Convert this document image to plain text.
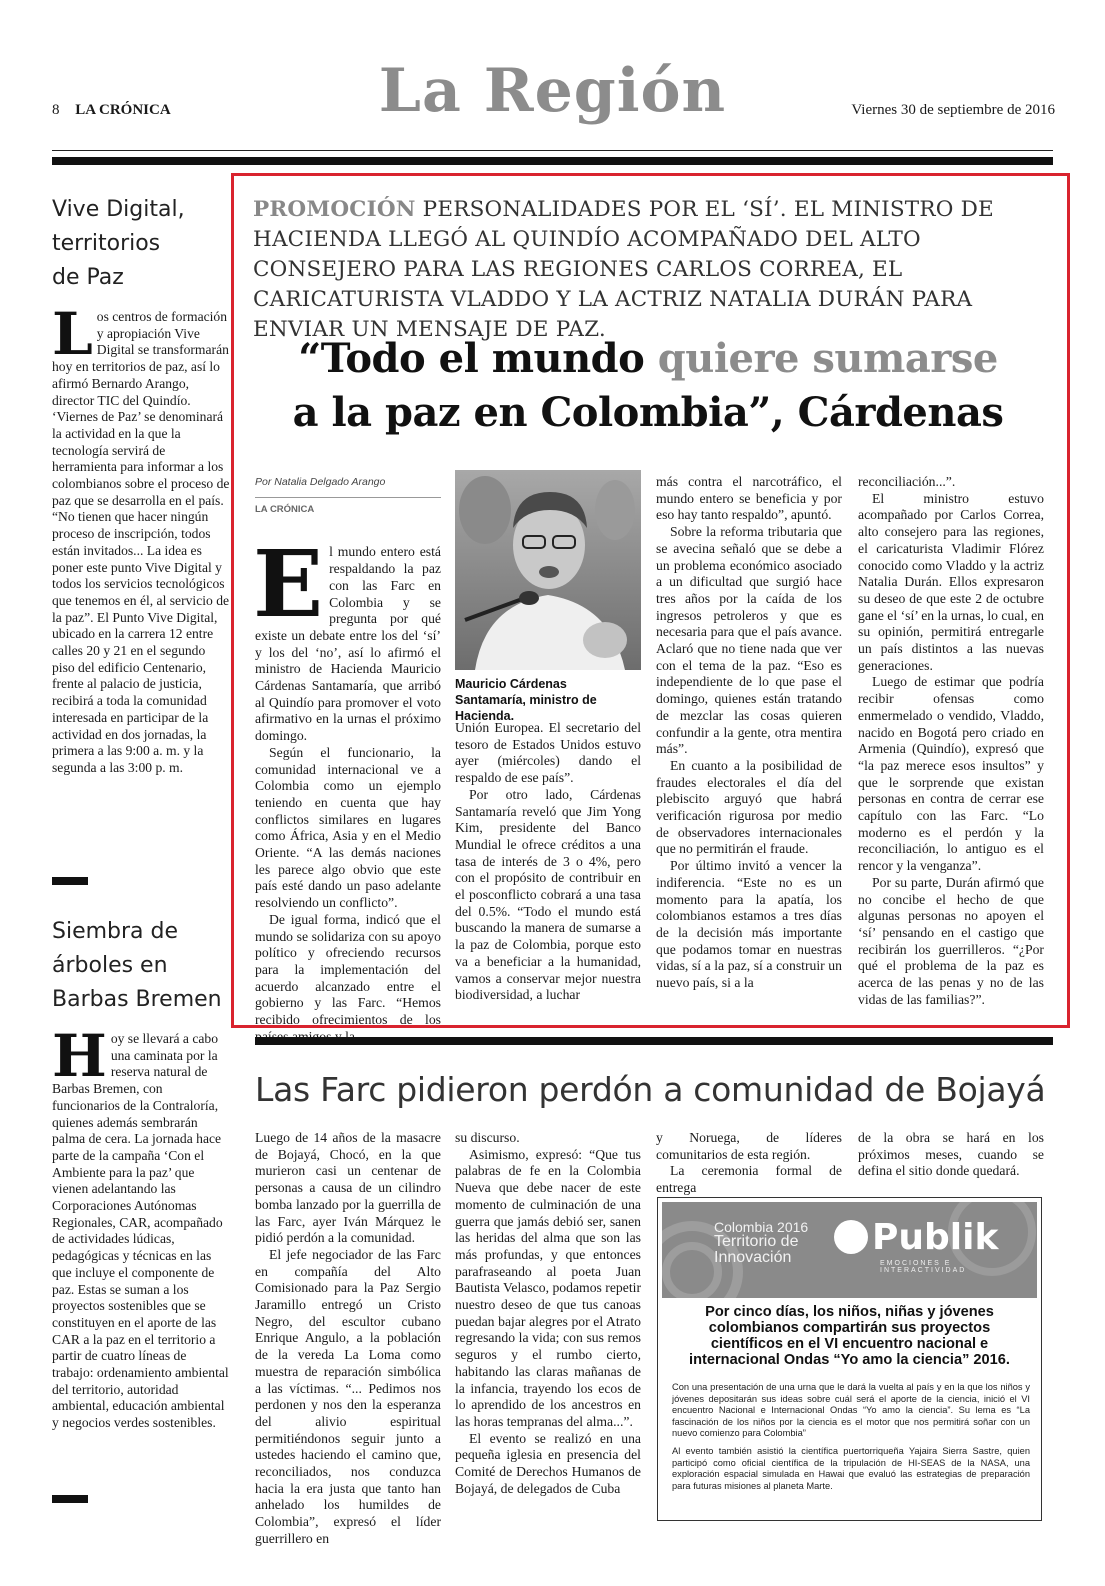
8 LA CRÓNICA	La Región	Viernes 30 de septiembre de 2016
Vive Digital,
territorios
de Paz

Los centros de formación y apropiación Vive Digital se transformarán hoy en territorios de paz, así lo afirmó Bernardo Arango, director TIC del Quindío. ‘Viernes de Paz’ se denominará la actividad en la que la tecnología servirá de herramienta para informar a los colombianos sobre el proceso de paz que se desarrolla en el país. “No tienen que hacer ningún proceso de inscripción, todos están invitados... La idea es poner este punto Vive Digital y todos los servicios tecnológicos que tenemos en él, al servicio de la paz”. El Punto Vive Digital, ubicado en la carrera 12 entre calles 20 y 21 en el segundo piso del edificio Centenario, frente al palacio de justicia, recibirá a toda la comunidad interesada en participar de la actividad en dos jornadas, la primera a las 9:00 a. m. y la segunda a las 3:00 p. m.

Siembra de
árboles en
Barbas Bremen

Hoy se llevará a cabo una caminata por la reserva natural de Barbas Bremen, con funcionarios de la Contraloría, quienes además sembrarán palma de cera. La jornada hace parte de la campaña ‘Con el Ambiente para la paz’ que vienen adelantando las Corporaciones Autónomas Regionales, CAR, acompañado de actividades lúdicas, pedagógicas y técnicas en las que incluye el componente de paz. Estas se suman a los proyectos sostenibles que se constituyen en el aporte de las CAR a la paz en el territorio a partir de cuatro líneas de trabajo: ordenamiento ambiental del territorio, autoridad ambiental, educación ambiental y negocios verdes sostenibles.

PROMOCIÓN PERSONALIDADES POR EL ‘SÍ’. EL MINISTRO DE HACIENDA LLEGÓ AL QUINDÍO ACOMPAÑADO DEL ALTO CONSEJERO PARA LAS REGIONES CARLOS CORREA, EL CARICATURISTA VLADDO Y LA ACTRIZ NATALIA DURÁN PARA ENVIAR UN MENSAJE DE PAZ.
“Todo el mundo quiere sumarse
a la paz en Colombia”, Cárdenas
Por Natalia Delgado Arango
LA CRÓNICA

El mundo entero está respaldando la paz con las Farc en Colombia y se pregunta por qué existe un debate entre los del ‘sí’ y los del ‘no’, así lo afirmó el ministro de Hacienda Mauricio Cárdenas Santamaría, que arribó al Quindío para promover el voto afirmativo en la urnas el próximo domingo.

Según el funcionario, la comunidad internacional ve a Colombia como un ejemplo teniendo en cuenta que hay conflictos similares en lugares como África, Asia y en el Medio Oriente. “A las demás naciones les parece algo obvio que este país esté dando un paso adelante resolviendo un conflicto”.

De igual forma, indicó que el mundo se solidariza con su apoyo político y ofreciendo recursos para la implementación del acuerdo alcanzado entre el gobierno y las Farc. “Hemos recibido ofrecimientos de los

Mauricio Cárdenas Santamaría, ministro de Hacienda.

Unión Europea. El secretario del tesoro de Estados Unidos estuvo ayer (miércoles) dando el respaldo de ese país”.

Por otro lado, Cárdenas Santamaría reveló que Jim Yong Kim, presidente del Banco Mundial le ofrece créditos a una tasa de interés de 3 o 4%, pero con el propósito de contribuir en el posconflicto cobrará a una tasa del 0.5%. “Todo el mundo está buscando la manera de sumarse a la paz de Colombia, porque esto va a beneficiar a la humanidad, vamos a conservar mejor nuestra biodiversidad, a luchar

más contra el narcotráfico, el mundo entero se beneficia y por eso hay tanto respaldo”, apuntó.

Sobre la reforma tributaria que se avecina señaló que se debe a un problema económico asociado a un dificultad que surgió hace tres años por la caída de los ingresos petroleros y que es necesaria para que el país avance. Aclaró que no tiene nada que ver con el tema de la paz. “Eso es independiente de lo que pase el domingo, quienes están tratando de mezclar las cosas quieren confundir a la gente, otra mentira más”.

En cuanto a la posibilidad de fraudes electorales el día del plebiscito arguyó que habrá verificación rigurosa por medio de observadores internacionales que no permitirán el fraude.

Por último invitó a vencer la indiferencia. “Este no es un momento para la apatía, los colombianos estamos a tres días de la decisión más importante que podamos tomar en nuestras vidas, sí a la paz, sí a construir un nuevo país, si a la

reconciliación...”.

El ministro estuvo acompañado por Carlos Correa, alto consejero para las regiones, el caricaturista Vladimir Flórez conocido como Vladdo y la actriz Natalia Durán. Ellos expresaron su deseo de que este 2 de octubre gane el ‘sí’ en la urnas, lo cual, en su opinión, permitirá entregarle un país distintos a las nuevas generaciones.

Luego de estimar que podría recibir ofensas como enmermelado o vendido, Vladdo, nacido en Bogotá pero criado en Armenia (Quindío), expresó que “la paz merece esos insultos” y que le sorprende que existan personas en contra de cerrar ese capítulo con las Farc. “Lo moderno es el perdón y la reconciliación, lo antiguo es el rencor y la venganza”.

Por su parte, Durán afirmó que no concibe el hecho de que algunas personas no apoyen el ‘sí’ pensando en el castigo que recibirán los guerrilleros. “¿Por qué el problema de la paz es acerca de las penas y no de las vidas de las familias?”.

Las Farc pidieron perdón a comunidad de Bojayá

Luego de 14 años de la masacre de Bojayá, Chocó, en la que murieron casi un centenar de personas a causa de un cilindro bomba lanzado por la guerrilla de las Farc, ayer Iván Márquez le pidió perdón a la comunidad.

El jefe negociador de las Farc en compañía del Alto Comisionado para la Paz Sergio Jaramillo entregó un Cristo Negro, del escultor cubano Enrique Angulo, a la población de la vereda La Loma como muestra de reparación simbólica a las víctimas. “... Pedimos nos perdonen y nos den la esperanza del alivio espiritual permitiéndonos seguir junto a ustedes haciendo el camino que, reconciliados, nos conduzca hacia la era justa que tanto han anhelado los humildes de Colombia”, expresó el líder guerrillero en

su discurso.

Asimismo, expresó: “Que tus palabras de fe en la Colombia Nueva que debe nacer de este momento de culminación de una guerra que jamás debió ser, sanen las heridas del alma que son las más profundas, y que entonces parafraseando al poeta Juan Bautista Velasco, podamos repetir nuestro deseo de que tus canoas puedan bajar alegres por el Atrato regresando la vida; con sus remos seguros y el rumbo cierto, habitando las claras mañanas de la infancia, trayendo los ecos de lo aprendido de los ancestros en las horas tempranas del alma...”.

El evento se realizó en una pequeña iglesia en presencia del Comité de Derechos Humanos de Bojayá, de delegados de Cuba

y Noruega, de líderes comunitarios de esta región.

La ceremonia formal de entrega

de la obra se hará en los próximos meses, cuando se defina el sitio donde quedará.

Colombia 2016
Territorio de
Innovación	Publik
EMOCIONES E INTERACTIVIDAD
Por cinco días, los niños, niñas y jóvenes colombianos compartirán sus proyectos científicos en el VI encuentro nacional e internacional Ondas “Yo amo la ciencia” 2016.

Con una presentación de una urna que le dará la vuelta al país y en la que los niños y jóvenes depositarán sus ideas sobre cuál será el aporte de la ciencia, inició el VI encuentro Nacional e Internacional Ondas “Yo amo la ciencia”. Su lema es “La fascinación de los niños por la ciencia es el motor que nos permitirá soñar con un nuevo comienzo para Colombia”

Al evento también asistió la científica puertorriqueña Yajaira Sierra Sastre, quien participó como oficial científica de la tripulación de HI-SEAS de la NASA, una exploración espacial simulada en Hawai que evaluó las estrategias de preparación para futuras misiones al planeta Marte.
